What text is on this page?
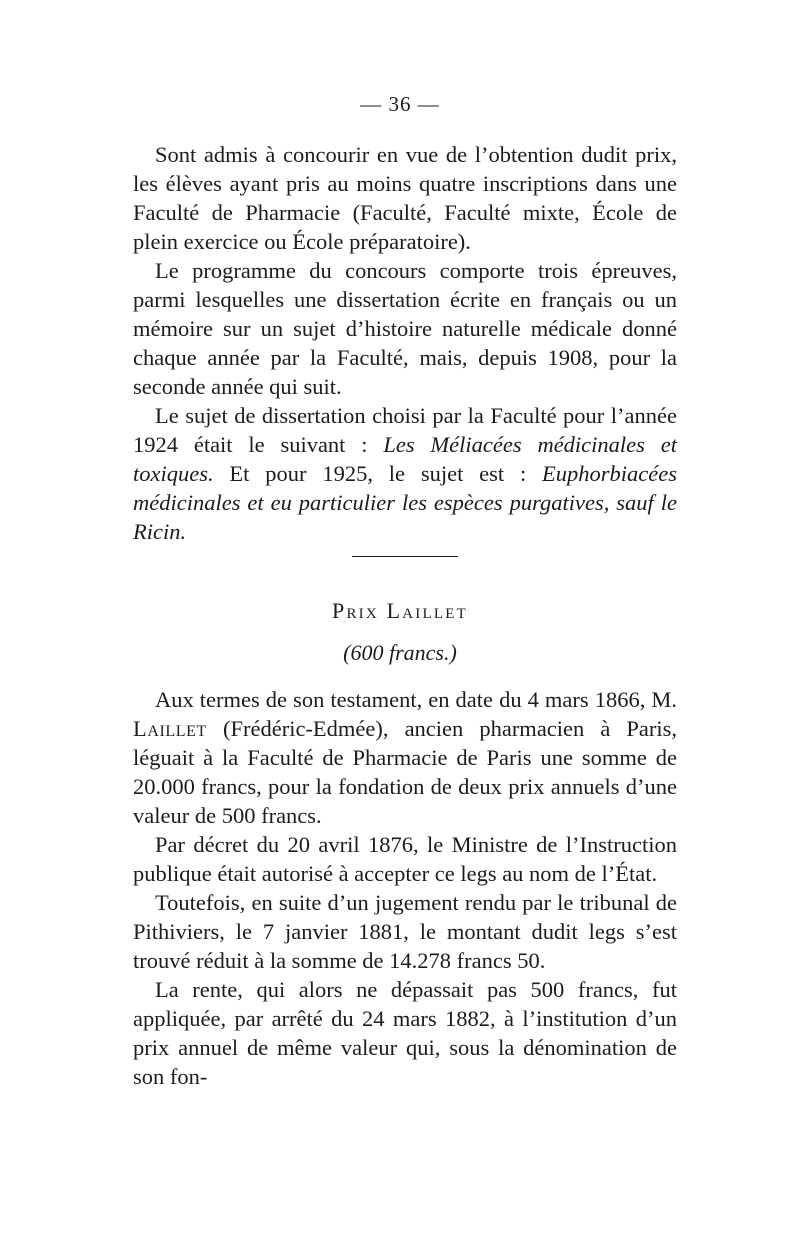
— 36 —

Sont admis à concourir en vue de l’obtention dudit prix, les élèves ayant pris au moins quatre inscriptions dans une Faculté de Pharmacie (Faculté, Faculté mixte, École de plein exercice ou École préparatoire).

Le programme du concours comporte trois épreuves, parmi lesquelles une dissertation écrite en français ou un mémoire sur un sujet d’histoire naturelle médicale donné chaque année par la Faculté, mais, depuis 1908, pour la seconde année qui suit.

Le sujet de dissertation choisi par la Faculté pour l’année 1924 était le suivant : Les Méliacées médicinales et toxiques. Et pour 1925, le sujet est : Euphorbiacées médicinales et eu particulier les espèces purgatives, sauf le Ricin.

Prix Laillet
(600 francs.)

Aux termes de son testament, en date du 4 mars 1866, M. Laillet (Frédéric-Edmée), ancien pharmacien à Paris, léguait à la Faculté de Pharmacie de Paris une somme de 20.000 francs, pour la fondation de deux prix annuels d’une valeur de 500 francs.

Par décret du 20 avril 1876, le Ministre de l’Instruction publique était autorisé à accepter ce legs au nom de l’État.

Toutefois, en suite d’un jugement rendu par le tribunal de Pithiviers, le 7 janvier 1881, le montant dudit legs s’est trouvé réduit à la somme de 14.278 francs 50.

La rente, qui alors ne dépassait pas 500 francs, fut appliquée, par arrêté du 24 mars 1882, à l’institution d’un prix annuel de même valeur qui, sous la dénomination de son fon-
